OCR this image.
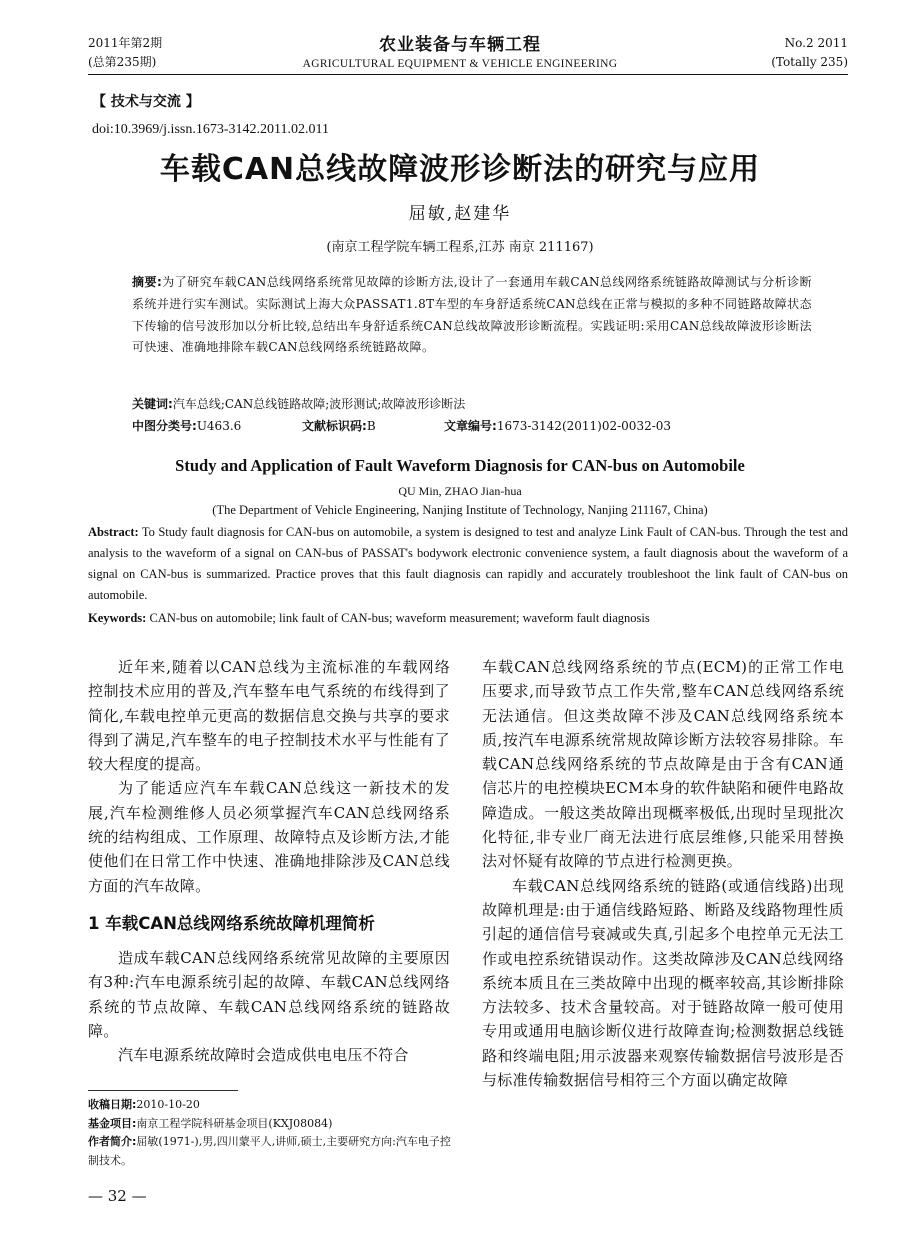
2011年第2期
(总第235期)
农业装备与车辆工程
AGRICULTURAL EQUIPMENT & VEHICLE ENGINEERING
No.2 2011
(Totally 235)
【 技术与交流 】
doi:10.3969/j.issn.1673-3142.2011.02.011
车载CAN总线故障波形诊断法的研究与应用
屈敏,赵建华
(南京工程学院车辆工程系,江苏 南京 211167)
摘要:为了研究车载CAN总线网络系统常见故障的诊断方法,设计了一套通用车载CAN总线网络系统链路故障测试与分析诊断系统并进行实车测试。实际测试上海大众PASSAT1.8T车型的车身舒适系统CAN总线在正常与模拟的多种不同链路故障状态下传输的信号波形加以分析比较,总结出车身舒适系统CAN总线故障波形诊断流程。实践证明:采用CAN总线故障波形诊断法可快速、准确地排除车载CAN总线网络系统链路故障。
关键词:汽车总线;CAN总线链路故障;波形测试;故障波形诊断法
中图分类号:U463.6	文献标识码:B	文章编号:1673-3142(2011)02-0032-03
Study and Application of Fault Waveform Diagnosis for CAN-bus on Automobile
QU Min, ZHAO Jian-hua
(The Department of Vehicle Engineering, Nanjing Institute of Technology, Nanjing 211167, China)
Abstract: To Study fault diagnosis for CAN-bus on automobile, a system is designed to test and analyze Link Fault of CAN-bus. Through the test and analysis to the waveform of a signal on CAN-bus of PASSAT's bodywork electronic convenience system, a fault diagnosis about the waveform of a signal on CAN-bus is summarized. Practice proves that this fault diagnosis can rapidly and accurately troubleshoot the link fault of CAN-bus on automobile.
Keywords: CAN-bus on automobile; link fault of CAN-bus; waveform measurement; waveform fault diagnosis

近年来,随着以CAN总线为主流标准的车载网络控制技术应用的普及,汽车整车电气系统的布线得到了简化,车载电控单元更高的数据信息交换与共享的要求得到了满足,汽车整车的电子控制技术水平与性能有了较大程度的提高。

为了能适应汽车车载CAN总线这一新技术的发展,汽车检测维修人员必须掌握汽车CAN总线网络系统的结构组成、工作原理、故障特点及诊断方法,才能使他们在日常工作中快速、准确地排除涉及CAN总线方面的汽车故障。

1 车载CAN总线网络系统故障机理简析

造成车载CAN总线网络系统常见故障的主要原因有3种:汽车电源系统引起的故障、车载CAN总线网络系统的节点故障、车载CAN总线网络系统的链路故障。

汽车电源系统故障时会造成供电电压不符合

车载CAN总线网络系统的节点(ECM)的正常工作电压要求,而导致节点工作失常,整车CAN总线网络系统无法通信。但这类故障不涉及CAN总线网络系统本质,按汽车电源系统常规故障诊断方法较容易排除。车载CAN总线网络系统的节点故障是由于含有CAN通信芯片的电控模块ECM本身的软件缺陷和硬件电路故障造成。一般这类故障出现概率极低,出现时呈现批次化特征,非专业厂商无法进行底层维修,只能采用替换法对怀疑有故障的节点进行检测更换。

车载CAN总线网络系统的链路(或通信线路)出现故障机理是:由于通信线路短路、断路及线路物理性质引起的通信信号衰减或失真,引起多个电控单元无法工作或电控系统错误动作。这类故障涉及CAN总线网络系统本质且在三类故障中出现的概率较高,其诊断排除方法较多、技术含量较高。对于链路故障一般可使用专用或通用电脑诊断仪进行故障查询;检测数据总线链路和终端电阻;用示波器来观察传输数据信号波形是否与标准传输数据信号相符三个方面以确定故障

收稿日期:2010-10-20
基金项目:南京工程学院科研基金项目(KXJ08084)
作者简介:屈敏(1971-),男,四川蒙平人,讲师,硕士,主要研究方向:汽车电子控制技术。
— 32 —
